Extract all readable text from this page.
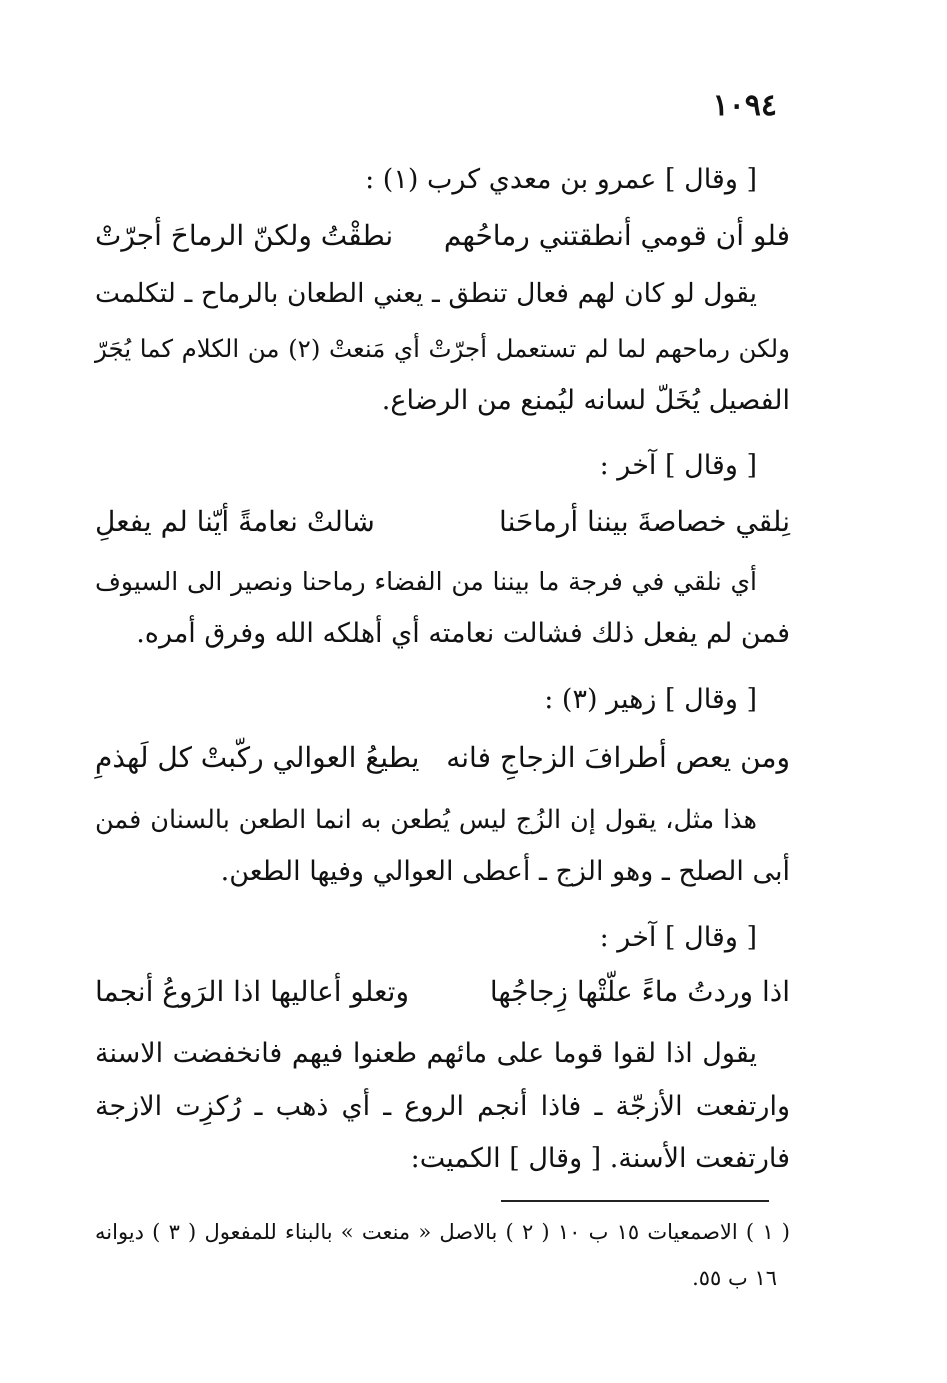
١٠٩٤
[ وقال ] عمرو بن معدي كرب (١) :
فلو أن قومي أنطقتني رماحُهم
نطقْتُ ولكنّ الرماحَ أجرّتْ
يقول لو كان لهم فعال تنطق ـ يعني الطعان بالرماح ـ لتكلمت
ولكن رماحهم لما لم تستعمل أجرّتْ أي مَنعتْ (٢) من الكلام كما يُجَرّ
الفصيل يُخَلّ لسانه ليُمنع من الرضاع.
[ وقال ] آخر :
نِلقي خصاصةَ بيننا أرماحَنا
شالتْ نعامةً أيّنا لم يفعلِ
أي نلقي في فرجة ما بيننا من الفضاء رماحنا ونصير الى السيوف
فمن لم يفعل ذلك فشالت نعامته أي أهلكه الله وفرق أمره.
[ وقال ] زهير (٣) :
ومن يعص أطرافَ الزجاجِ فانه
يطيعُ العوالي ركّبتْ كل لَهذمِ
هذا مثل، يقول إن الزُج ليس يُطعن به انما الطعن بالسنان فمن
أبى الصلح ـ وهو الزج ـ أعطى العوالي وفيها الطعن.
[ وقال ] آخر :
اذا وردتُ ماءً علّتْها زِجاجُها
وتعلو أعاليها اذا الرَوعُ أنجما
يقول اذا لقوا قوما على مائهم طعنوا فيهم فانخفضت الاسنة
وارتفعت الأزجّة ـ فاذا أنجم الروع ـ أي ذهب ـ رُكزِت الازجة
فارتفعت الأسنة. [ وقال ] الكميت:
( ١ ) الاصمعيات ١٥ ب ١٠ ( ٢ ) بالاصل « منعت » بالبناء للمفعول ( ٣ ) ديوانه
١٦ ب ٥٥.
